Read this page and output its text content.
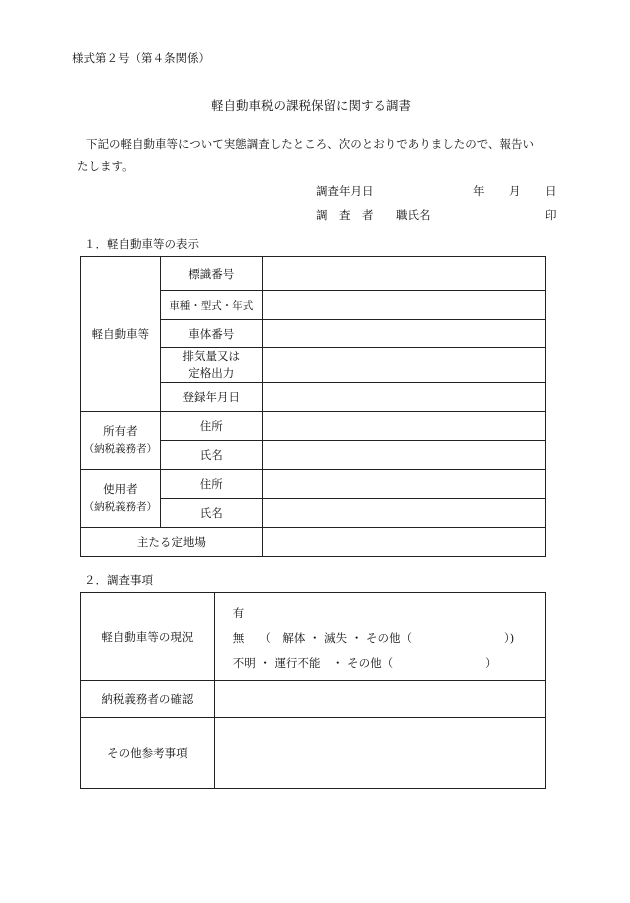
様式第２号（第４条関係）
軽自動車税の課税保留に関する調書
下記の軽自動車等について実態調査したところ、次のとおりでありましたので、報告い
たします。
調査年月日	年 月 日
調　査　者 職氏名	印
１．軽自動車等の表示
軽自動車等	標識番号	
	車種・型式・年式	
	車体番号	
	排気量又は
定格出力	
	登録年月日	
所有者
（納税義務者）	住所	
	氏名	
使用者
（納税義務者）	住所	
	氏名	
主たる定地場		
２．調査事項
軽自動車等の現況	有
無　 （　解体 ・ 滅失 ・ その他（　　　　　　　　）)
不明 ・ 運行不能　・ その他（　　　　　　　　）

納税義務者の確認	
その他参考事項	
